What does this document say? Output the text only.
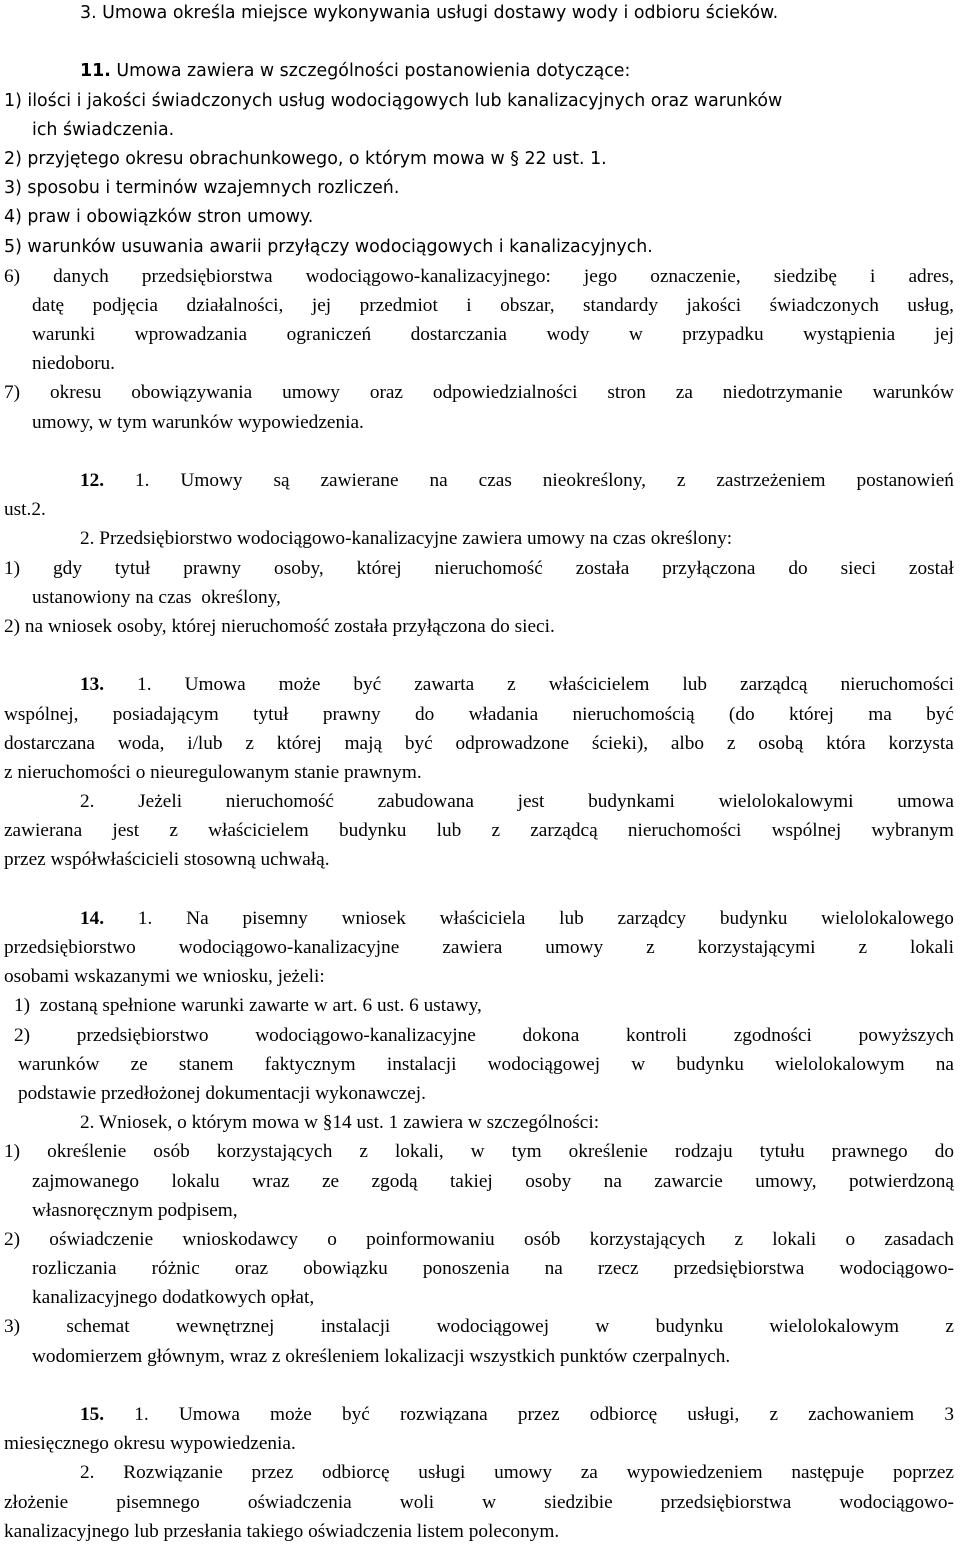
3. Umowa określa miejsce wykonywania usługi dostawy wody i odbioru ścieków.
11. Umowa zawiera w szczególności postanowienia dotyczące:
1) ilości i jakości świadczonych usług wodociągowych lub kanalizacyjnych oraz warunków
ich świadczenia.
2) przyjętego okresu obrachunkowego, o którym mowa w § 22 ust. 1.
3) sposobu i terminów wzajemnych rozliczeń.
4) praw i obowiązków stron umowy.
5) warunków usuwania awarii przyłączy wodociągowych i kanalizacyjnych.
6) danych przedsiębiorstwa wodociągowo-kanalizacyjnego: jego oznaczenie, siedzibę i adres,
datę podjęcia działalności, jej przedmiot i obszar, standardy jakości świadczonych usług,
warunki wprowadzania ograniczeń dostarczania wody w przypadku wystąpienia jej
niedoboru.
7) okresu obowiązywania umowy oraz odpowiedzialności stron za niedotrzymanie warunków
umowy, w tym warunków wypowiedzenia.
12. 1. Umowy są zawierane na czas nieokreślony, z zastrzeżeniem postanowień
ust.2.
2. Przedsiębiorstwo wodociągowo-kanalizacyjne zawiera umowy na czas określony:
1) gdy tytuł prawny osoby, której nieruchomość została przyłączona do sieci został
ustanowiony na czas  określony,
2) na wniosek osoby, której nieruchomość została przyłączona do sieci.
13. 1. Umowa może być zawarta z właścicielem lub zarządcą nieruchomości
wspólnej, posiadającym tytuł prawny do władania nieruchomością (do której ma być
dostarczana woda, i/lub z której mają być odprowadzone ścieki), albo z osobą która korzysta
z nieruchomości o nieuregulowanym stanie prawnym.
2. Jeżeli nieruchomość zabudowana jest budynkami wielolokalowymi umowa
zawierana jest z właścicielem budynku lub z zarządcą nieruchomości wspólnej wybranym
przez współwłaścicieli stosowną uchwałą.
14. 1. Na pisemny wniosek właściciela lub zarządcy budynku wielolokalowego
przedsiębiorstwo wodociągowo-kanalizacyjne zawiera umowy z korzystającymi z lokali
osobami wskazanymi we wniosku, jeżeli:
1)  zostaną spełnione warunki zawarte w art. 6 ust. 6 ustawy,
2) przedsiębiorstwo wodociągowo-kanalizacyjne dokona kontroli zgodności powyższych
warunków ze stanem faktycznym instalacji wodociągowej w budynku wielolokalowym na
podstawie przedłożonej dokumentacji wykonawczej.
2. Wniosek, o którym mowa w §14 ust. 1 zawiera w szczególności:
1) określenie osób korzystających z lokali, w tym określenie rodzaju tytułu prawnego do
zajmowanego lokalu wraz ze zgodą takiej osoby na zawarcie umowy, potwierdzoną
własnoręcznym podpisem,
2) oświadczenie wnioskodawcy o poinformowaniu osób korzystających z lokali o zasadach
rozliczania różnic oraz obowiązku ponoszenia na rzecz przedsiębiorstwa wodociągowo-
kanalizacyjnego dodatkowych opłat,
3) schemat wewnętrznej instalacji wodociągowej w budynku wielolokalowym z
wodomierzem głównym, wraz z określeniem lokalizacji wszystkich punktów czerpalnych.
15. 1. Umowa może być rozwiązana przez odbiorcę usługi, z zachowaniem 3
miesięcznego okresu wypowiedzenia.
2. Rozwiązanie przez odbiorcę usługi umowy za wypowiedzeniem następuje poprzez
złożenie pisemnego oświadczenia woli w siedzibie przedsiębiorstwa wodociągowo-
kanalizacyjnego lub przesłania takiego oświadczenia listem poleconym.
